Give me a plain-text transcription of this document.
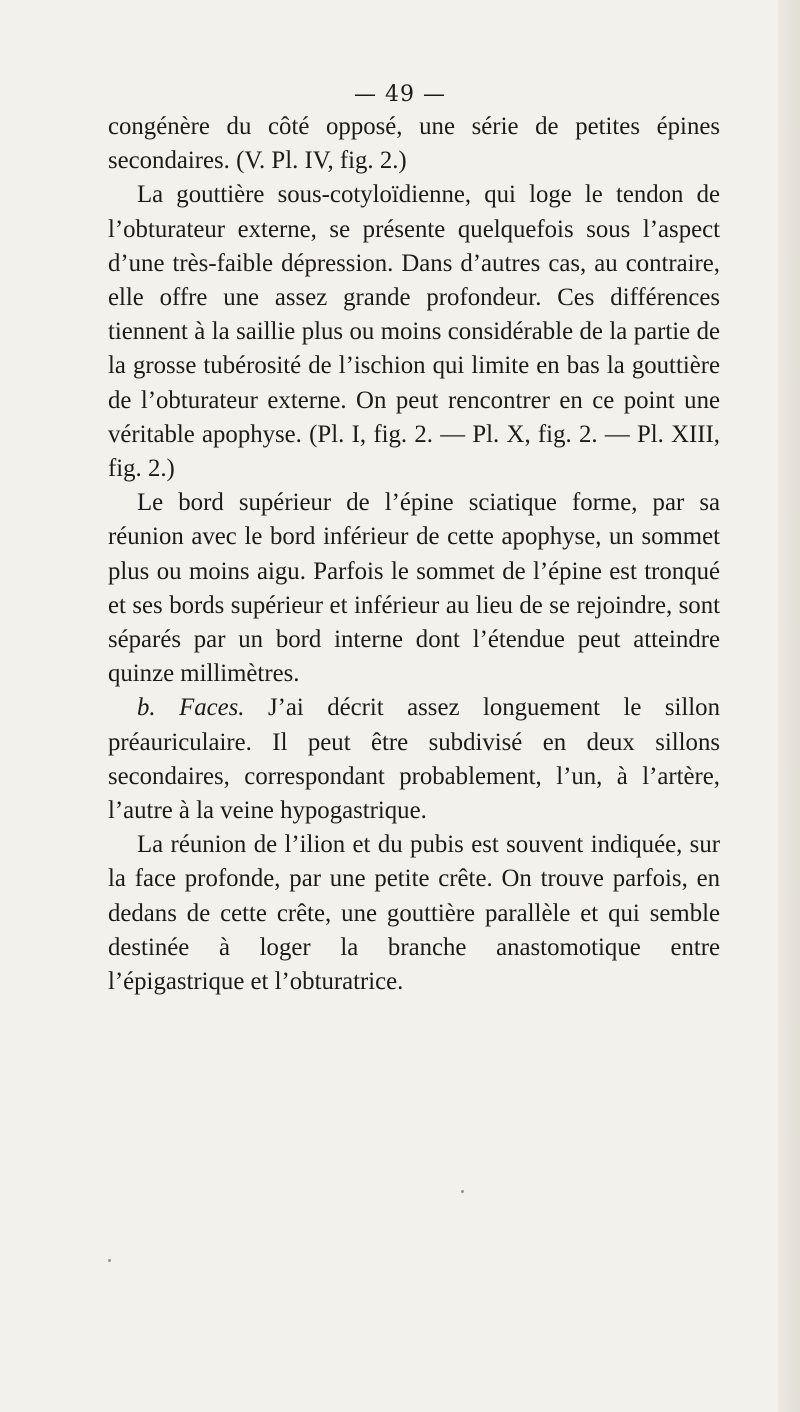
— 49 —

congénère du côté opposé, une série de petites épines secondaires. (V. Pl. IV, fig. 2.)

La gouttière sous-cotyloïdienne, qui loge le tendon de l’obturateur externe, se présente quelquefois sous l’aspect d’une très-faible dépression. Dans d’autres cas, au contraire, elle offre une assez grande profondeur. Ces différences tiennent à la saillie plus ou moins considérable de la partie de la grosse tubérosité de l’ischion qui limite en bas la gouttière de l’obturateur externe. On peut rencontrer en ce point une véritable apophyse. (Pl. I, fig. 2. — Pl. X, fig. 2. — Pl. XIII, fig. 2.)

Le bord supérieur de l’épine sciatique forme, par sa réunion avec le bord inférieur de cette apophyse, un sommet plus ou moins aigu. Parfois le sommet de l’épine est tronqué et ses bords supérieur et inférieur au lieu de se rejoindre, sont séparés par un bord interne dont l’étendue peut atteindre quinze millimètres.

b. Faces. J’ai décrit assez longuement le sillon préauriculaire. Il peut être subdivisé en deux sillons secondaires, correspondant probablement, l’un, à l’artère, l’autre à la veine hypogastrique.

La réunion de l’ilion et du pubis est souvent indiquée, sur la face profonde, par une petite crête. On trouve parfois, en dedans de cette crête, une gouttière parallèle et qui semble destinée à loger la branche anastomotique entre l’épigastrique et l’obturatrice.
